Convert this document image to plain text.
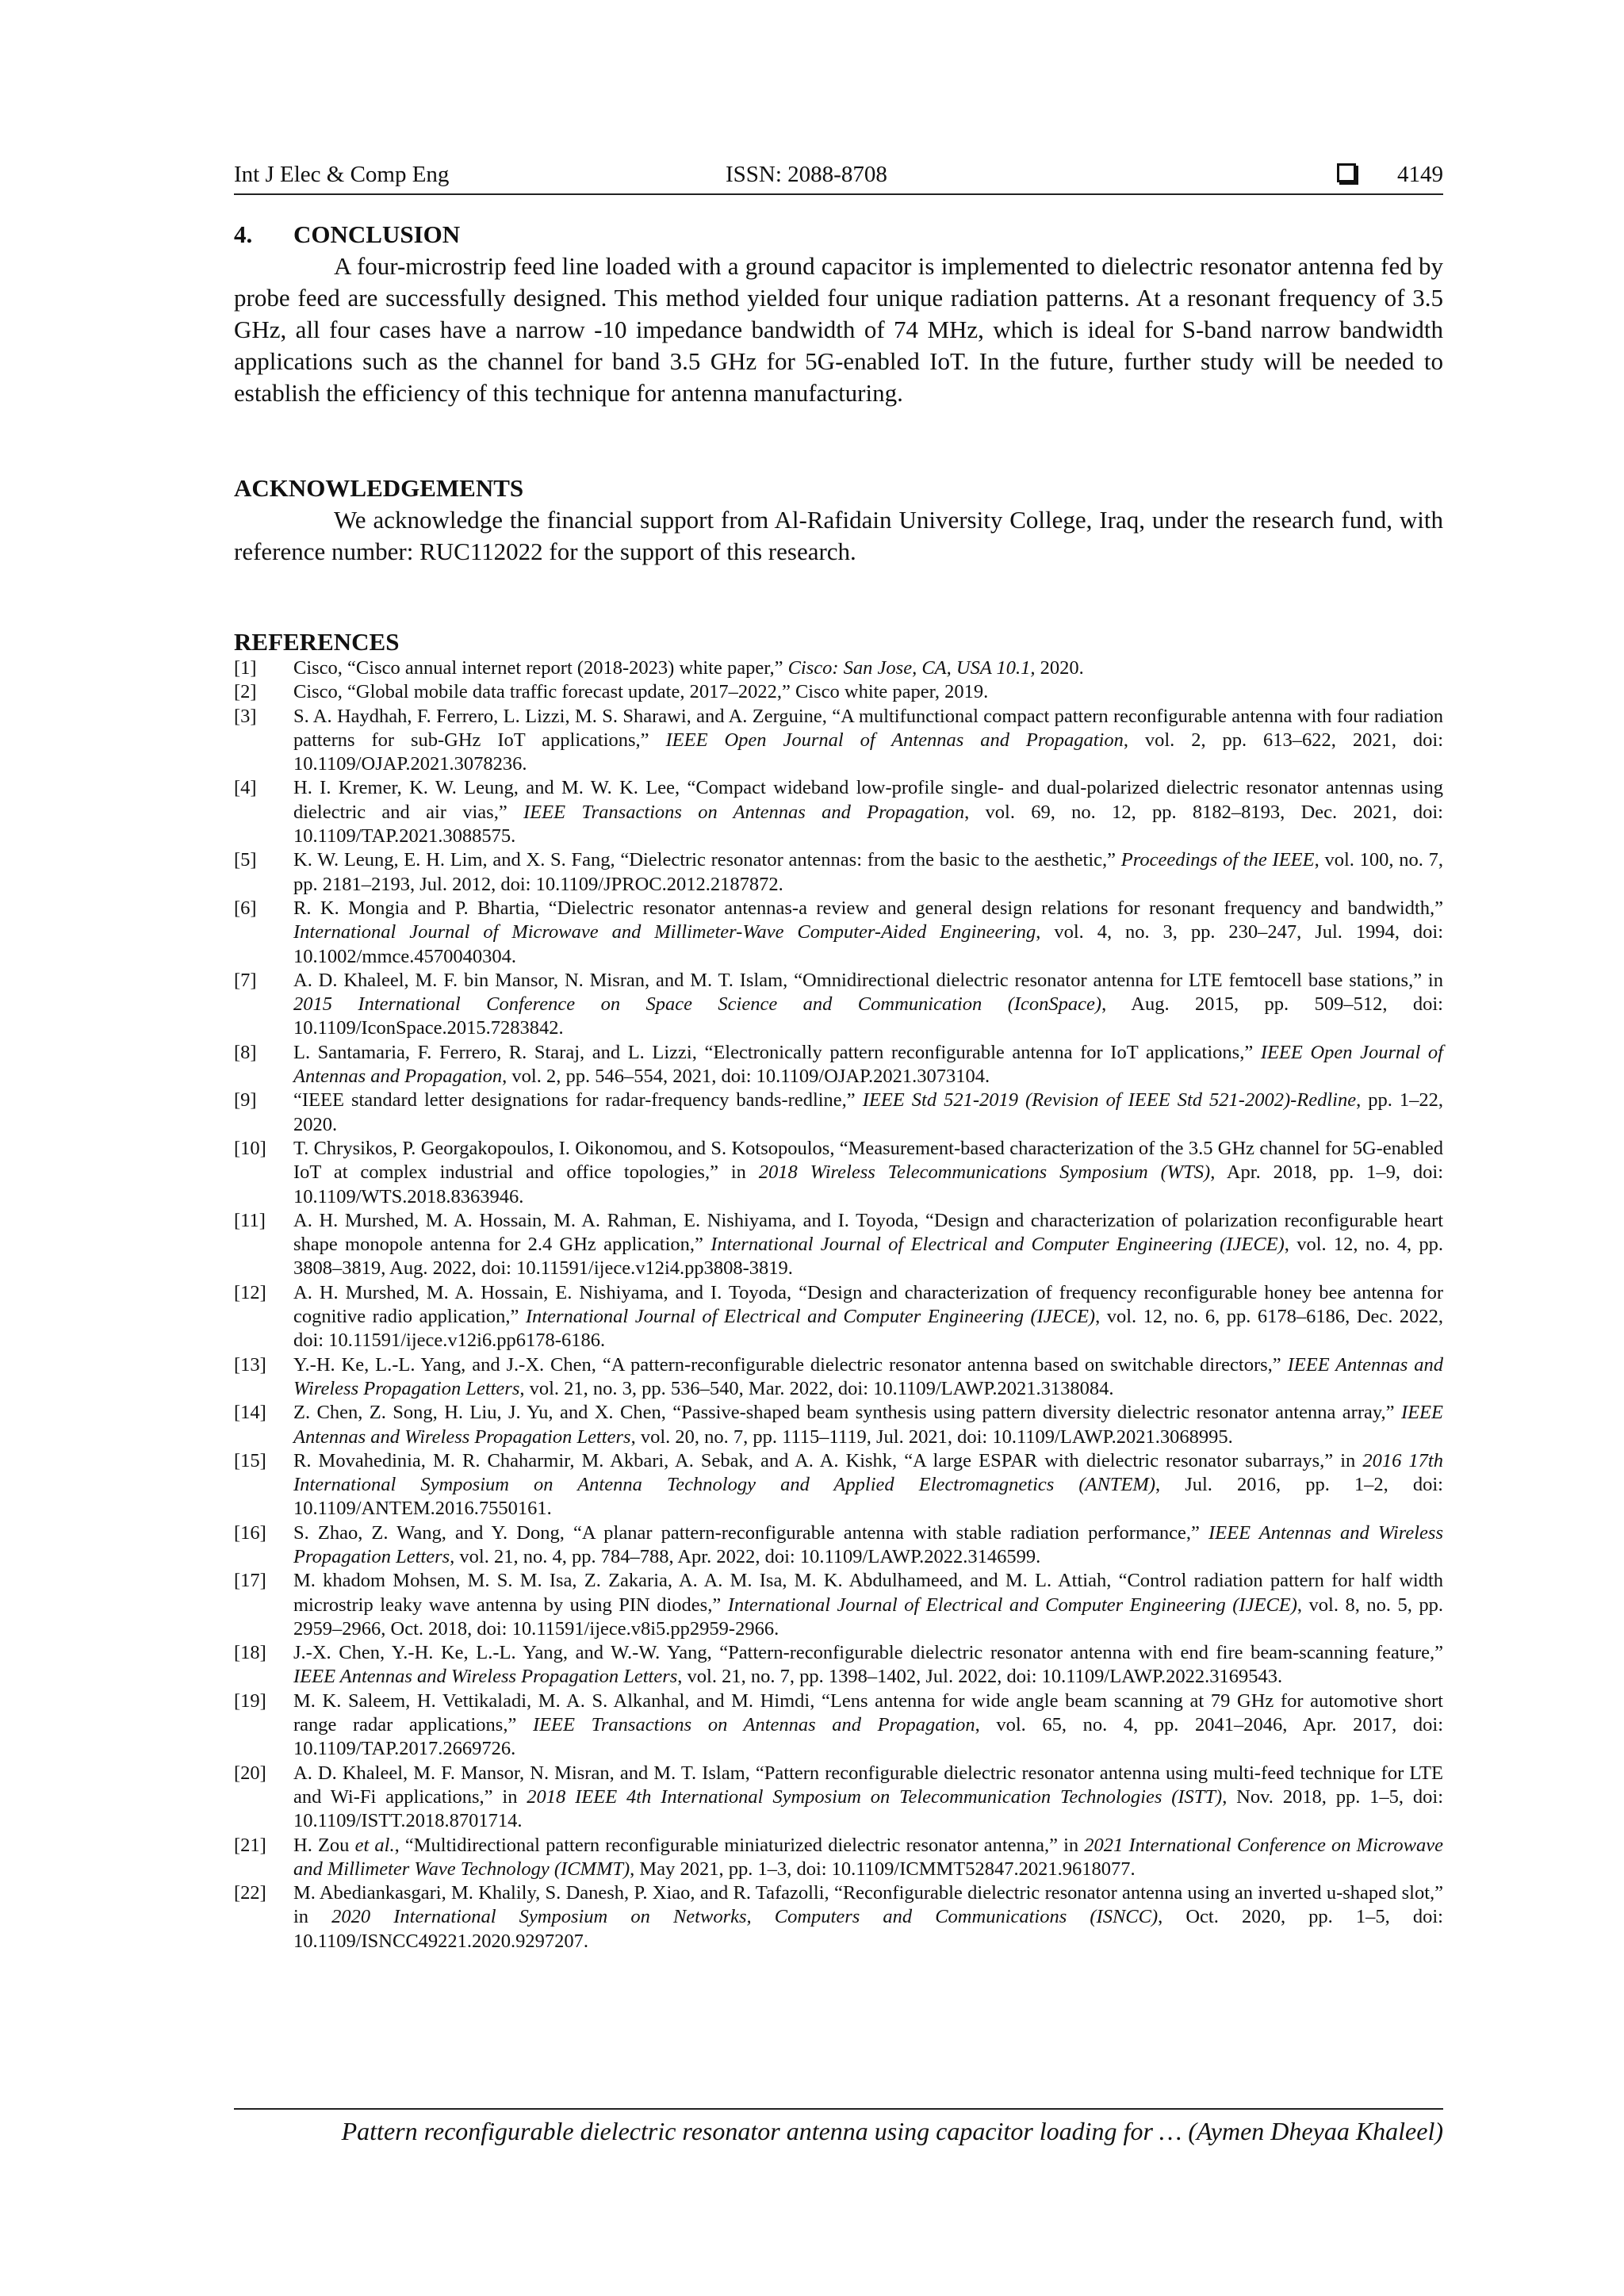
Int J Elec & Comp Eng	ISSN: 2088-8708	4149
4. CONCLUSION

A four-microstrip feed line loaded with a ground capacitor is implemented to dielectric resonator antenna fed by probe feed are successfully designed. This method yielded four unique radiation patterns. At a resonant frequency of 3.5 GHz, all four cases have a narrow -10 impedance bandwidth of 74 MHz, which is ideal for S-band narrow bandwidth applications such as the channel for band 3.5 GHz for 5G-enabled IoT. In the future, further study will be needed to establish the efficiency of this technique for antenna manufacturing.

ACKNOWLEDGEMENTS

We acknowledge the financial support from Al-Rafidain University College, Iraq, under the research fund, with reference number: RUC112022 for the support of this research.

REFERENCES
[1]	Cisco, “Cisco annual internet report (2018-2023) white paper,” Cisco: San Jose, CA, USA 10.1, 2020.
[2]	Cisco, “Global mobile data traffic forecast update, 2017–2022,” Cisco white paper, 2019.
[3]	S. A. Haydhah, F. Ferrero, L. Lizzi, M. S. Sharawi, and A. Zerguine, “A multifunctional compact pattern reconfigurable antenna with four radiation patterns for sub-GHz IoT applications,” IEEE Open Journal of Antennas and Propagation, vol. 2, pp. 613–622, 2021, doi: 10.1109/OJAP.2021.3078236.
[4]	H. I. Kremer, K. W. Leung, and M. W. K. Lee, “Compact wideband low-profile single- and dual-polarized dielectric resonator antennas using dielectric and air vias,” IEEE Transactions on Antennas and Propagation, vol. 69, no. 12, pp. 8182–8193, Dec. 2021, doi: 10.1109/TAP.2021.3088575.
[5]	K. W. Leung, E. H. Lim, and X. S. Fang, “Dielectric resonator antennas: from the basic to the aesthetic,” Proceedings of the IEEE, vol. 100, no. 7, pp. 2181–2193, Jul. 2012, doi: 10.1109/JPROC.2012.2187872.
[6]	R. K. Mongia and P. Bhartia, “Dielectric resonator antennas-a review and general design relations for resonant frequency and bandwidth,” International Journal of Microwave and Millimeter-Wave Computer-Aided Engineering, vol. 4, no. 3, pp. 230–247, Jul. 1994, doi: 10.1002/mmce.4570040304.
[7]	A. D. Khaleel, M. F. bin Mansor, N. Misran, and M. T. Islam, “Omnidirectional dielectric resonator antenna for LTE femtocell base stations,” in 2015 International Conference on Space Science and Communication (IconSpace), Aug. 2015, pp. 509–512, doi: 10.1109/IconSpace.2015.7283842.
[8]	L. Santamaria, F. Ferrero, R. Staraj, and L. Lizzi, “Electronically pattern reconfigurable antenna for IoT applications,” IEEE Open Journal of Antennas and Propagation, vol. 2, pp. 546–554, 2021, doi: 10.1109/OJAP.2021.3073104.
[9]	“IEEE standard letter designations for radar-frequency bands-redline,” IEEE Std 521-2019 (Revision of IEEE Std 521-2002)-Redline, pp. 1–22, 2020.
[10]	T. Chrysikos, P. Georgakopoulos, I. Oikonomou, and S. Kotsopoulos, “Measurement-based characterization of the 3.5 GHz channel for 5G-enabled IoT at complex industrial and office topologies,” in 2018 Wireless Telecommunications Symposium (WTS), Apr. 2018, pp. 1–9, doi: 10.1109/WTS.2018.8363946.
[11]	A. H. Murshed, M. A. Hossain, M. A. Rahman, E. Nishiyama, and I. Toyoda, “Design and characterization of polarization reconfigurable heart shape monopole antenna for 2.4 GHz application,” International Journal of Electrical and Computer Engineering (IJECE), vol. 12, no. 4, pp. 3808–3819, Aug. 2022, doi: 10.11591/ijece.v12i4.pp3808-3819.
[12]	A. H. Murshed, M. A. Hossain, E. Nishiyama, and I. Toyoda, “Design and characterization of frequency reconfigurable honey bee antenna for cognitive radio application,” International Journal of Electrical and Computer Engineering (IJECE), vol. 12, no. 6, pp. 6178–6186, Dec. 2022, doi: 10.11591/ijece.v12i6.pp6178-6186.
[13]	Y.-H. Ke, L.-L. Yang, and J.-X. Chen, “A pattern-reconfigurable dielectric resonator antenna based on switchable directors,” IEEE Antennas and Wireless Propagation Letters, vol. 21, no. 3, pp. 536–540, Mar. 2022, doi: 10.1109/LAWP.2021.3138084.
[14]	Z. Chen, Z. Song, H. Liu, J. Yu, and X. Chen, “Passive-shaped beam synthesis using pattern diversity dielectric resonator antenna array,” IEEE Antennas and Wireless Propagation Letters, vol. 20, no. 7, pp. 1115–1119, Jul. 2021, doi: 10.1109/LAWP.2021.3068995.
[15]	R. Movahedinia, M. R. Chaharmir, M. Akbari, A. Sebak, and A. A. Kishk, “A large ESPAR with dielectric resonator subarrays,” in 2016 17th International Symposium on Antenna Technology and Applied Electromagnetics (ANTEM), Jul. 2016, pp. 1–2, doi: 10.1109/ANTEM.2016.7550161.
[16]	S. Zhao, Z. Wang, and Y. Dong, “A planar pattern-reconfigurable antenna with stable radiation performance,” IEEE Antennas and Wireless Propagation Letters, vol. 21, no. 4, pp. 784–788, Apr. 2022, doi: 10.1109/LAWP.2022.3146599.
[17]	M. khadom Mohsen, M. S. M. Isa, Z. Zakaria, A. A. M. Isa, M. K. Abdulhameed, and M. L. Attiah, “Control radiation pattern for half width microstrip leaky wave antenna by using PIN diodes,” International Journal of Electrical and Computer Engineering (IJECE), vol. 8, no. 5, pp. 2959–2966, Oct. 2018, doi: 10.11591/ijece.v8i5.pp2959-2966.
[18]	J.-X. Chen, Y.-H. Ke, L.-L. Yang, and W.-W. Yang, “Pattern-reconfigurable dielectric resonator antenna with end fire beam-scanning feature,” IEEE Antennas and Wireless Propagation Letters, vol. 21, no. 7, pp. 1398–1402, Jul. 2022, doi: 10.1109/LAWP.2022.3169543.
[19]	M. K. Saleem, H. Vettikaladi, M. A. S. Alkanhal, and M. Himdi, “Lens antenna for wide angle beam scanning at 79 GHz for automotive short range radar applications,” IEEE Transactions on Antennas and Propagation, vol. 65, no. 4, pp. 2041–2046, Apr. 2017, doi: 10.1109/TAP.2017.2669726.
[20]	A. D. Khaleel, M. F. Mansor, N. Misran, and M. T. Islam, “Pattern reconfigurable dielectric resonator antenna using multi-feed technique for LTE and Wi-Fi applications,” in 2018 IEEE 4th International Symposium on Telecommunication Technologies (ISTT), Nov. 2018, pp. 1–5, doi: 10.1109/ISTT.2018.8701714.
[21]	H. Zou et al., “Multidirectional pattern reconfigurable miniaturized dielectric resonator antenna,” in 2021 International Conference on Microwave and Millimeter Wave Technology (ICMMT), May 2021, pp. 1–3, doi: 10.1109/ICMMT52847.2021.9618077.
[22]	M. Abediankasgari, M. Khalily, S. Danesh, P. Xiao, and R. Tafazolli, “Reconfigurable dielectric resonator antenna using an inverted u-shaped slot,” in 2020 International Symposium on Networks, Computers and Communications (ISNCC), Oct. 2020, pp. 1–5, doi: 10.1109/ISNCC49221.2020.9297207.
Pattern reconfigurable dielectric resonator antenna using capacitor loading for … (Aymen Dheyaa Khaleel)
